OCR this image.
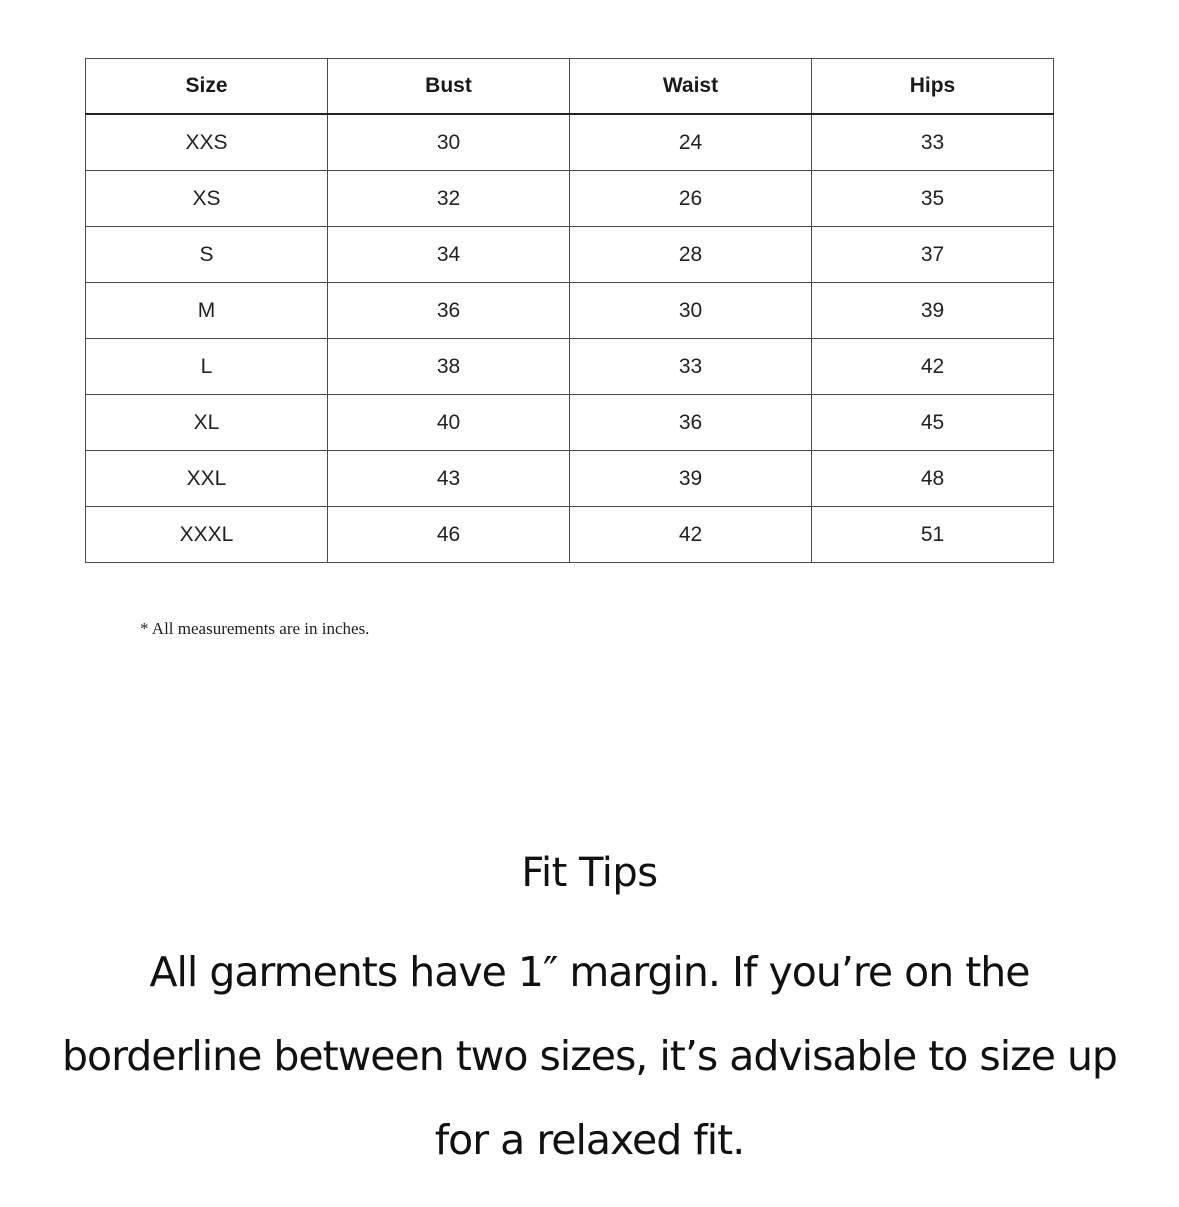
Size	Bust	Waist	Hips
XXS	30	24	33
XS	32	26	35
S	34	28	37
M	36	30	39
L	38	33	42
XL	40	36	45
XXL	43	39	48
XXXL	46	42	51
* All measurements are in inches.
Fit Tips
All garments have 1″ margin. If you’re on the borderline between two sizes, it’s advisable to size up for a relaxed fit.
